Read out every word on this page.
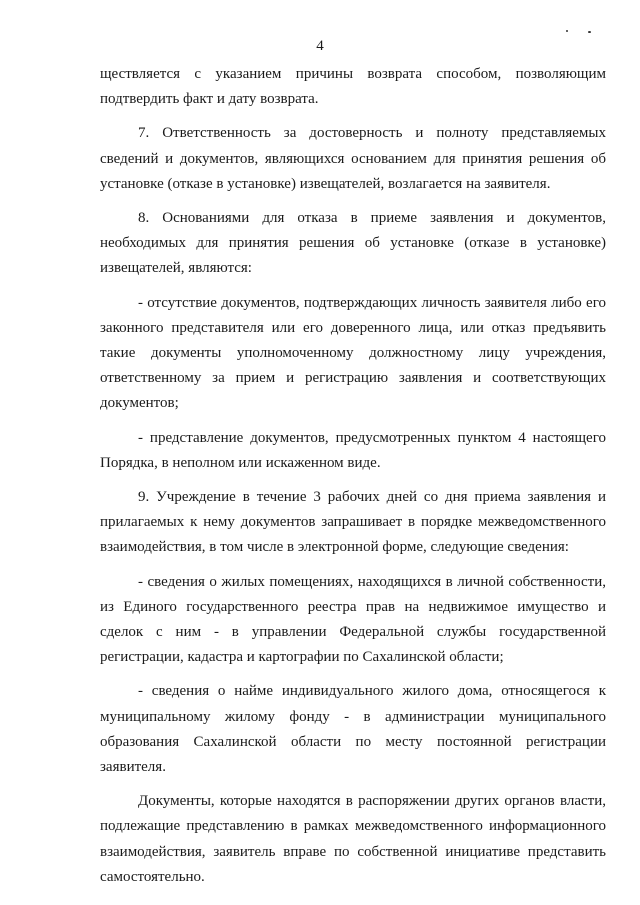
4

ществляется с указанием причины возврата способом, позволяющим подтвердить факт и дату возврата.

7. Ответственность за достоверность и полноту представляемых сведений и документов, являющихся основанием для принятия решения об установке (отказе в установке) извещателей, возлагается на заявителя.

8. Основаниями для отказа в приеме заявления и документов, необходимых для принятия решения об установке (отказе в установке) извещателей, являются:

- отсутствие документов, подтверждающих личность заявителя либо его законного представителя или его доверенного лица, или отказ предъявить такие документы уполномоченному должностному лицу учреждения, ответственному за прием и регистрацию заявления и соответствующих документов;

- представление документов, предусмотренных пунктом 4 настоящего Порядка, в неполном или искаженном виде.

9. Учреждение в течение 3 рабочих дней со дня приема заявления и прилагаемых к нему документов запрашивает в порядке межведомственного взаимодействия, в том числе в электронной форме, следующие сведения:

- сведения о жилых помещениях, находящихся в личной собственности, из Единого государственного реестра прав на недвижимое имущество и сделок с ним - в управлении Федеральной службы государственной регистрации, кадастра и картографии по Сахалинской области;

- сведения о найме индивидуального жилого дома, относящегося к муниципальному жилому фонду - в администрации муниципального образования Сахалинской области по месту постоянной регистрации заявителя.

Документы, которые находятся в распоряжении других органов власти, подлежащие представлению в рамках межведомственного информационного взаимодействия, заявитель вправе по собственной инициативе представить самостоятельно.
